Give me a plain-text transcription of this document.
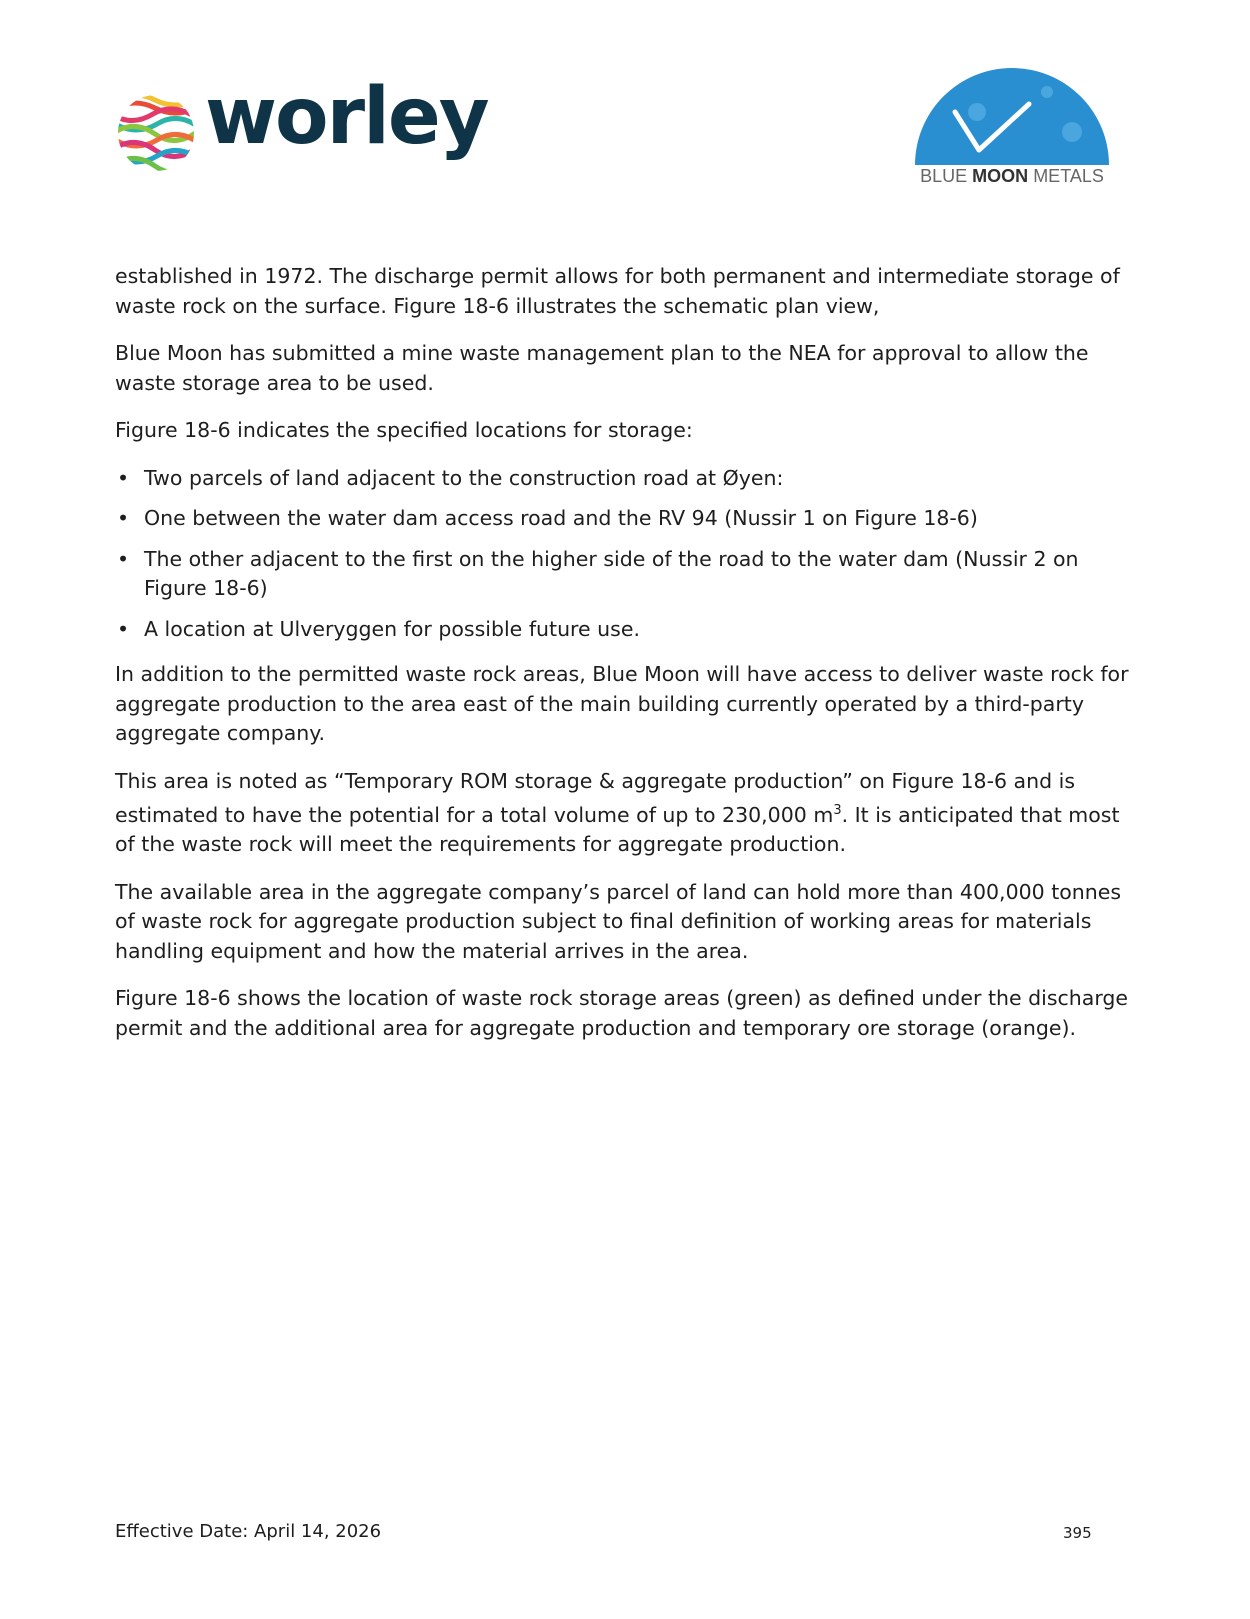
worley
BLUE MOON METALS

established in 1972. The discharge permit allows for both permanent and intermediate storage of waste rock on the surface. Figure 18-6 illustrates the schematic plan view,

Blue Moon has submitted a mine waste management plan to the NEA for approval to allow the waste storage area to be used.

Figure 18-6 indicates the specified locations for storage:

• Two parcels of land adjacent to the construction road at Øyen:
• One between the water dam access road and the RV 94 (Nussir 1 on Figure 18-6)
• The other adjacent to the first on the higher side of the road to the water dam (Nussir 2 on Figure 18-6)
• A location at Ulveryggen for possible future use.

In addition to the permitted waste rock areas, Blue Moon will have access to deliver waste rock for aggregate production to the area east of the main building currently operated by a third-party aggregate company.

This area is noted as “Temporary ROM storage & aggregate production” on Figure 18-6 and is estimated to have the potential for a total volume of up to 230,000 $m^3$. It is anticipated that most of the waste rock will meet the requirements for aggregate production.

The available area in the aggregate company’s parcel of land can hold more than 400,000 tonnes of waste rock for aggregate production subject to final definition of working areas for materials handling equipment and how the material arrives in the area.

Figure 18-6 shows the location of waste rock storage areas (green) as defined under the discharge permit and the additional area for aggregate production and temporary ore storage (orange).

Effective Date: April 14, 2026	395
